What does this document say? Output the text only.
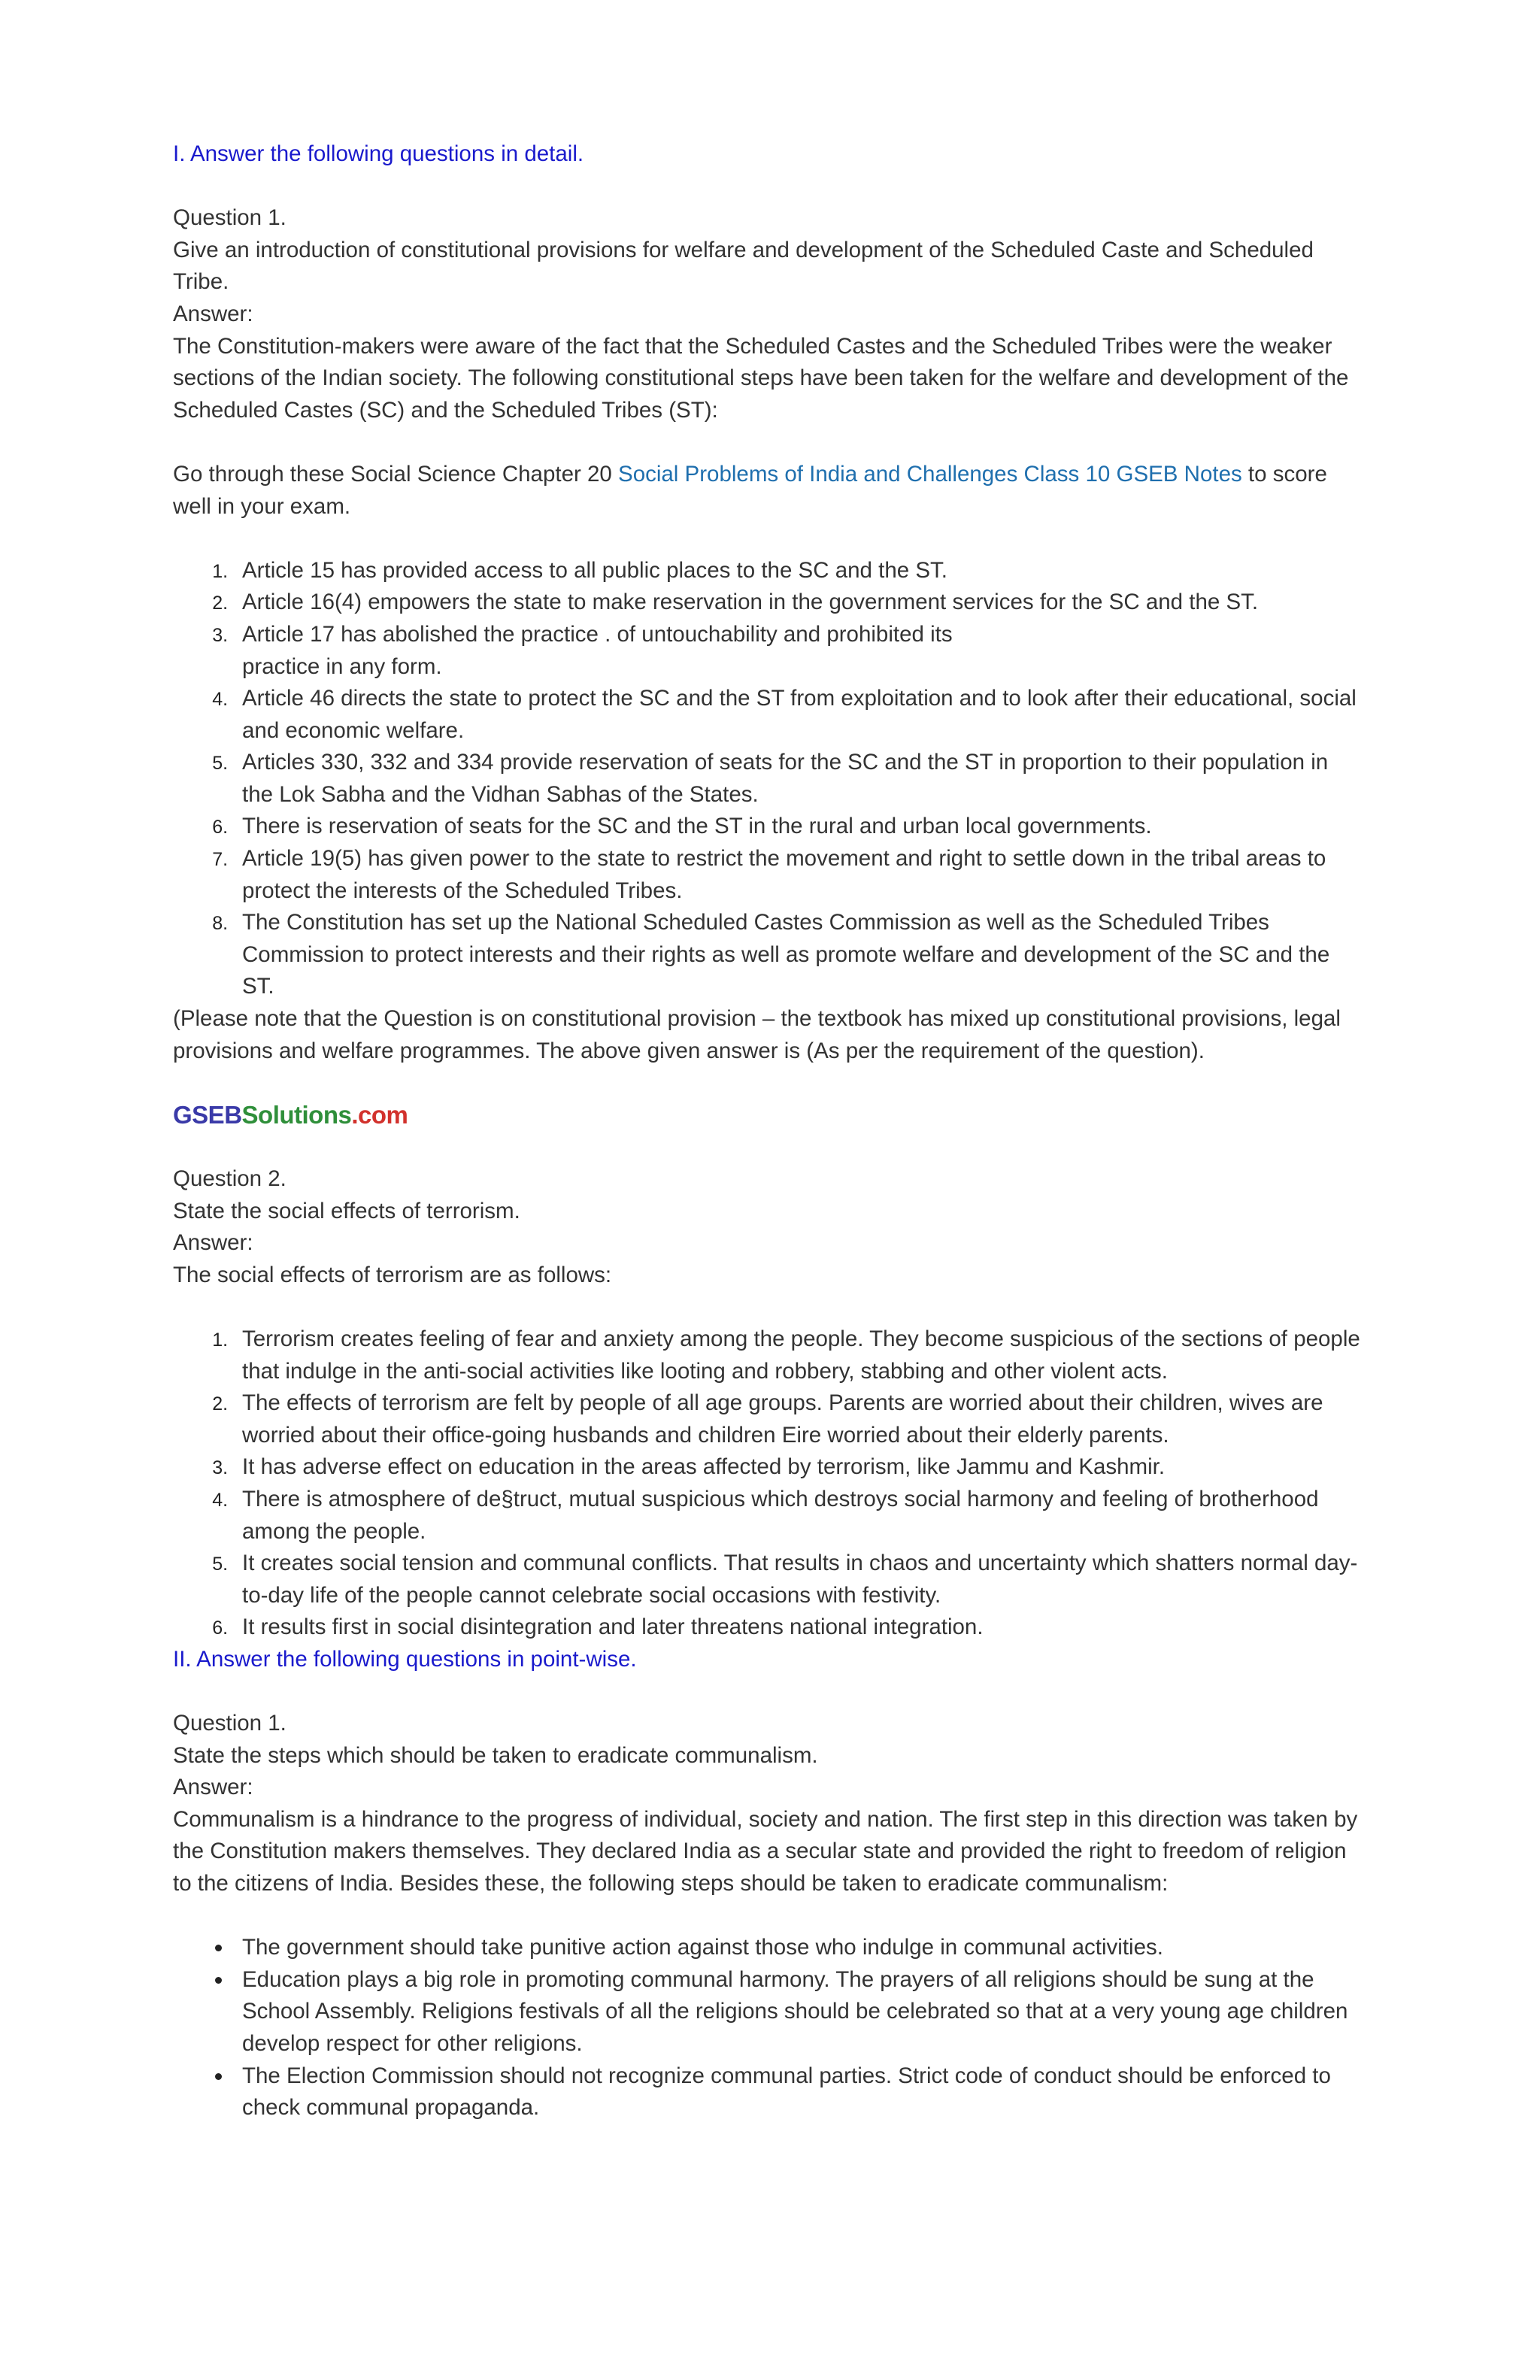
I. Answer the following questions in detail.

Question 1.

Give an introduction of constitutional provisions for welfare and development of the Scheduled Caste and Scheduled Tribe.

Answer:

The Constitution-makers were aware of the fact that the Scheduled Castes and the Scheduled Tribes were the weaker sections of the Indian society. The following constitutional steps have been taken for the welfare and development of the Scheduled Castes (SC) and the Scheduled Tribes (ST):

Go through these Social Science Chapter 20 Social Problems of India and Challenges Class 10 GSEB Notes to score well in your exam.

1. Article 15 has provided access to all public places to the SC and the ST.
2. Article 16(4) empowers the state to make reservation in the government services for the SC and the ST.
3. Article 17 has abolished the practice . of untouchability and prohibited its
practice in any form.
4. Article 46 directs the state to protect the SC and the ST from exploitation and to look after their educational, social and economic welfare.
5. Articles 330, 332 and 334 provide reservation of seats for the SC and the ST in proportion to their population in the Lok Sabha and the Vidhan Sabhas of the States.
6. There is reservation of seats for the SC and the ST in the rural and urban local governments.
7. Article 19(5) has given power to the state to restrict the movement and right to settle down in the tribal areas to protect the interests of the Scheduled Tribes.
8. The Constitution has set up the National Scheduled Castes Commission as well as the Scheduled Tribes Commission to protect interests and their rights as well as promote welfare and development of the SC and the ST.

(Please note that the Question is on constitutional provision – the textbook has mixed up constitutional provisions, legal provisions and welfare programmes. The above given answer is (As per the requirement of the question).

GSEBSolutions.com

Question 2.

State the social effects of terrorism.

Answer:

The social effects of terrorism are as follows:

1. Terrorism creates feeling of fear and anxiety among the people. They become suspicious of the sections of people that indulge in the anti-social activities like looting and robbery, stabbing and other violent acts.
2. The effects of terrorism are felt by people of all age groups. Parents are worried about their children, wives are worried about their office-going husbands and children Eire worried about their elderly parents.
3. It has adverse effect on education in the areas affected by terrorism, like Jammu and Kashmir.
4. There is atmosphere of de§truct, mutual suspicious which destroys social harmony and feeling of brotherhood among the people.
5. It creates social tension and communal conflicts. That results in chaos and uncertainty which shatters normal day-to-day life of the people cannot celebrate social occasions with festivity.
6. It results first in social disintegration and later threatens national integration.

II. Answer the following questions in point-wise.

Question 1.

State the steps which should be taken to eradicate communalism.

Answer:

Communalism is a hindrance to the progress of individual, society and nation. The first step in this direction was taken by the Constitution makers themselves. They declared India as a secular state and provided the right to freedom of religion to the citizens of India. Besides these, the following steps should be taken to eradicate communalism:

• The government should take punitive action against those who indulge in communal activities.
• Education plays a big role in promoting communal harmony. The prayers of all religions should be sung at the School Assembly. Religions festivals of all the religions should be celebrated so that at a very young age children develop respect for other religions.
• The Election Commission should not recognize communal parties. Strict code of conduct should be enforced to check communal propaganda.
